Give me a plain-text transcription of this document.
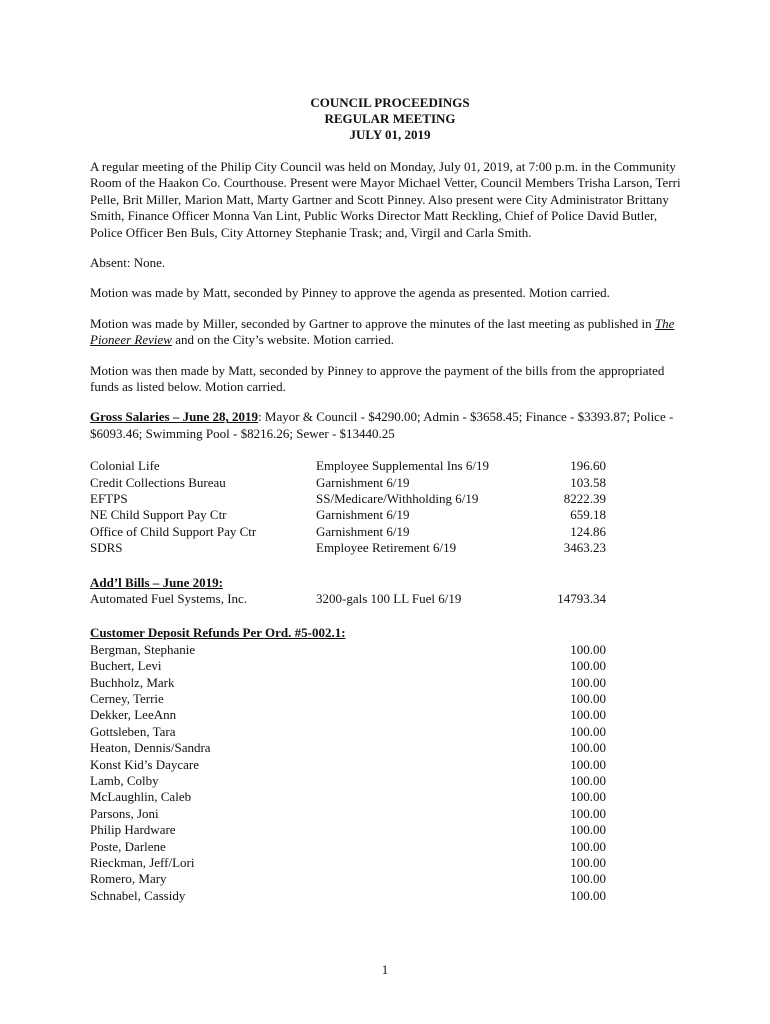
COUNCIL PROCEEDINGS
REGULAR MEETING
JULY 01, 2019

A regular meeting of the Philip City Council was held on Monday, July 01, 2019, at 7:00 p.m. in the Community Room of the Haakon Co. Courthouse. Present were Mayor Michael Vetter, Council Members Trisha Larson, Terri Pelle, Brit Miller, Marion Matt, Marty Gartner and Scott Pinney. Also present were City Administrator Brittany Smith, Finance Officer Monna Van Lint, Public Works Director Matt Reckling, Chief of Police David Butler, Police Officer Ben Buls, City Attorney Stephanie Trask; and, Virgil and Carla Smith.

Absent: None.

Motion was made by Matt, seconded by Pinney to approve the agenda as presented. Motion carried.

Motion was made by Miller, seconded by Gartner to approve the minutes of the last meeting as published in The Pioneer Review and on the City’s website. Motion carried.

Motion was then made by Matt, seconded by Pinney to approve the payment of the bills from the appropriated funds as listed below. Motion carried.

Gross Salaries – June 28, 2019: Mayor & Council - $4290.00; Admin - $3658.45; Finance - $3393.87; Police - $6093.46; Swimming Pool - $8216.26; Sewer - $13440.25

Colonial Life	Employee Supplemental Ins 6/19	196.60
Credit Collections Bureau	Garnishment 6/19	103.58
EFTPS	SS/Medicare/Withholding 6/19	8222.39
NE Child Support Pay Ctr	Garnishment 6/19	659.18
Office of Child Support Pay Ctr	Garnishment 6/19	124.86
SDRS	Employee Retirement 6/19	3463.23
Add’l Bills – June 2019:
Automated Fuel Systems, Inc.	3200-gals 100 LL Fuel 6/19	14793.34
Customer Deposit Refunds Per Ord. #5-002.1:
Bergman, Stephanie	100.00
Buchert, Levi	100.00
Buchholz, Mark	100.00
Cerney, Terrie	100.00
Dekker, LeeAnn	100.00
Gottsleben, Tara	100.00
Heaton, Dennis/Sandra	100.00
Konst Kid’s Daycare	100.00
Lamb, Colby	100.00
McLaughlin, Caleb	100.00
Parsons, Joni	100.00
Philip Hardware	100.00
Poste, Darlene	100.00
Rieckman, Jeff/Lori	100.00
Romero, Mary	100.00
Schnabel, Cassidy	100.00
1
